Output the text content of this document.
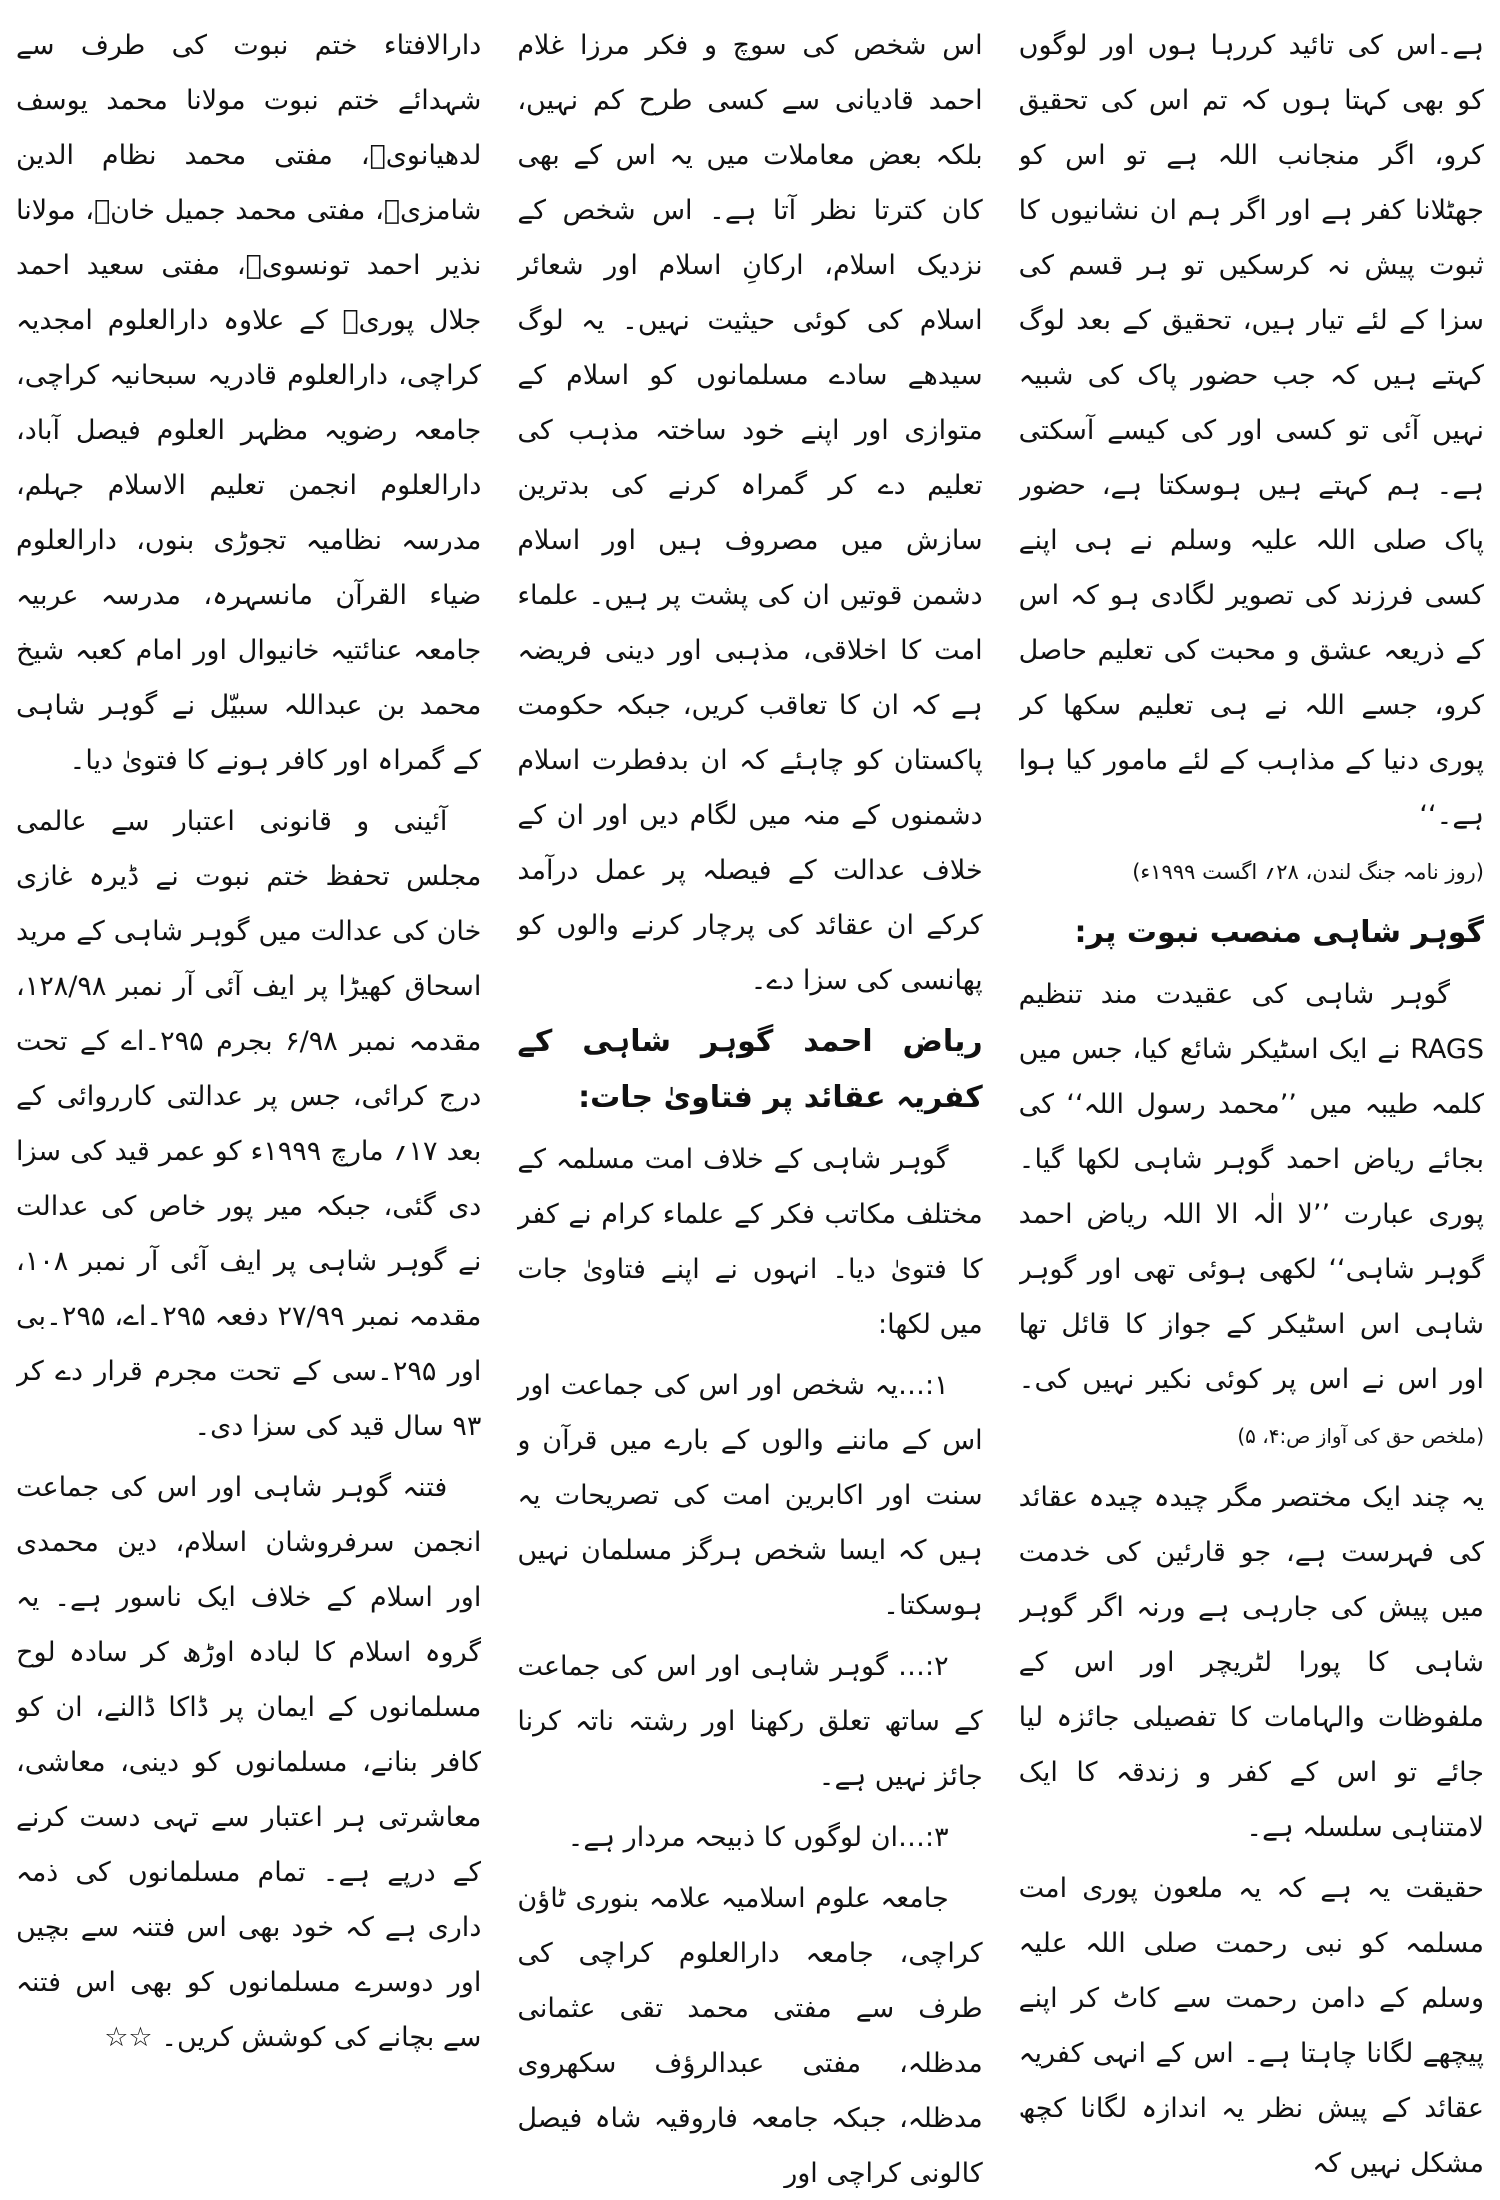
ہے۔اس کی تائید کررہا ہوں اور لوگوں کو بھی کہتا ہوں کہ تم اس کی تحقیق کرو، اگر منجانب اللہ ہے تو اس کو جھٹلانا کفر ہے اور اگر ہم ان نشانیوں کا ثبوت پیش نہ کرسکیں تو ہر قسم کی سزا کے لئے تیار ہیں، تحقیق کے بعد لوگ کہتے ہیں کہ جب حضور پاک کی شبیہ نہیں آئی تو کسی اور کی کیسے آسکتی ہے۔ ہم کہتے ہیں ہوسکتا ہے، حضور پاک صلی اللہ علیہ وسلم نے ہی اپنے کسی فرزند کی تصویر لگادی ہو کہ اس کے ذریعہ عشق و محبت کی تعلیم حاصل کرو، جسے اللہ نے ہی تعلیم سکھا کر پوری دنیا کے مذاہب کے لئے مامور کیا ہوا ہے۔‘‘

(روز نامہ جنگ لندن، ۲۸؍ اگست ۱۹۹۹ء)
گوہر شاہی منصب نبوت پر:

گوہر شاہی کی عقیدت مند تنظیم RAGS نے ایک اسٹیکر شائع کیا، جس میں کلمہ طیبہ میں ’’محمد رسول اللہ‘‘ کی بجائے ریاض احمد گوہر شاہی لکھا گیا۔ پوری عبارت ’’لا الٰہ الا اللہ ریاض احمد گوہر شاہی‘‘ لکھی ہوئی تھی اور گوہر شاہی اس اسٹیکر کے جواز کا قائل تھا اور اس نے اس پر کوئی نکیر نہیں کی۔ (ملخص حق کی آواز ص:۴، ۵)

یہ چند ایک مختصر مگر چیدہ چیدہ عقائد کی فہرست ہے، جو قارئین کی خدمت میں پیش کی جارہی ہے ورنہ اگر گوہر شاہی کا پورا لٹریچر اور اس کے ملفوظات والہامات کا تفصیلی جائزہ لیا جائے تو اس کے کفر و زندقہ کا ایک لامتناہی سلسلہ ہے۔

حقیقت یہ ہے کہ یہ ملعون پوری امت مسلمہ کو نبی رحمت صلی اللہ علیہ وسلم کے دامن رحمت سے کاٹ کر اپنے پیچھے لگانا چاہتا ہے۔ اس کے انہی کفریہ عقائد کے پیش نظر یہ اندازہ لگانا کچھ مشکل نہیں کہ

اس شخص کی سوچ و فکر مرزا غلام احمد قادیانی سے کسی طرح کم نہیں، بلکہ بعض معاملات میں یہ اس کے بھی کان کترتا نظر آتا ہے۔ اس شخص کے نزدیک اسلام، ارکانِ اسلام اور شعائر اسلام کی کوئی حیثیت نہیں۔ یہ لوگ سیدھے سادے مسلمانوں کو اسلام کے متوازی اور اپنے خود ساختہ مذہب کی تعلیم دے کر گمراہ کرنے کی بدترین سازش میں مصروف ہیں اور اسلام دشمن قوتیں ان کی پشت پر ہیں۔ علماء امت کا اخلاقی، مذہبی اور دینی فریضہ ہے کہ ان کا تعاقب کریں، جبکہ حکومت پاکستان کو چاہئے کہ ان بدفطرت اسلام دشمنوں کے منہ میں لگام دیں اور ان کے خلاف عدالت کے فیصلہ پر عمل درآمد کرکے ان عقائد کی پرچار کرنے والوں کو پھانسی کی سزا دے۔

ریاض احمد گوہر شاہی کے کفریہ عقائد پر فتاویٰ جات:

گوہر شاہی کے خلاف امت مسلمہ کے مختلف مکاتب فکر کے علماء کرام نے کفر کا فتویٰ دیا۔ انہوں نے اپنے فتاویٰ جات میں لکھا:

۱:…یہ شخص اور اس کی جماعت اور اس کے ماننے والوں کے بارے میں قرآن و سنت اور اکابرین امت کی تصریحات یہ ہیں کہ ایسا شخص ہرگز مسلمان نہیں ہوسکتا۔

۲:… گوہر شاہی اور اس کی جماعت کے ساتھ تعلق رکھنا اور رشتہ ناتہ کرنا جائز نہیں ہے۔

۳:…ان لوگوں کا ذبیحہ مردار ہے۔

جامعہ علوم اسلامیہ علامہ بنوری ٹاؤن کراچی، جامعہ دارالعلوم کراچی کی طرف سے مفتی محمد تقی عثمانی مدظلہ، مفتی عبدالرؤف سکھروی مدظلہ، جبکہ جامعہ فاروقیہ شاہ فیصل کالونی کراچی اور

دارالافتاء ختم نبوت کی طرف سے شہدائے ختم نبوت مولانا محمد یوسف لدھیانویؒ، مفتی محمد نظام الدین شامزیؒ، مفتی محمد جمیل خانؒ، مولانا نذیر احمد تونسویؒ، مفتی سعید احمد جلال پوریؒ کے علاوہ دارالعلوم امجدیہ کراچی، دارالعلوم قادریہ سبحانیہ کراچی، جامعہ رضویہ مظہر العلوم فیصل آباد، دارالعلوم انجمن تعلیم الاسلام جہلم، مدرسہ نظامیہ تجوڑی بنوں، دارالعلوم ضیاء القرآن مانسہرہ، مدرسہ عربیہ جامعہ عنائتیہ خانیوال اور امام کعبہ شیخ محمد بن عبداللہ سبیّل نے گوہر شاہی کے گمراہ اور کافر ہونے کا فتویٰ دیا۔

آئینی و قانونی اعتبار سے عالمی مجلس تحفظ ختم نبوت نے ڈیرہ غازی خان کی عدالت میں گوہر شاہی کے مرید اسحاق کھیڑا پر ایف آئی آر نمبر ۱۲۸/۹۸، مقدمہ نمبر ۶/۹۸ بجرم ۲۹۵۔اے کے تحت درج کرائی، جس پر عدالتی کارروائی کے بعد ۱۷؍ مارچ ۱۹۹۹ء کو عمر قید کی سزا دی گئی، جبکہ میر پور خاص کی عدالت نے گوہر شاہی پر ایف آئی آر نمبر ۱۰۸، مقدمہ نمبر ۲۷/۹۹ دفعہ ۲۹۵۔اے، ۲۹۵۔بی اور ۲۹۵۔سی کے تحت مجرم قرار دے کر ۹۳ سال قید کی سزا دی۔

فتنہ گوہر شاہی اور اس کی جماعت انجمن سرفروشان اسلام، دین محمدی اور اسلام کے خلاف ایک ناسور ہے۔ یہ گروہ اسلام کا لبادہ اوڑھ کر سادہ لوح مسلمانوں کے ایمان پر ڈاکا ڈالنے، ان کو کافر بنانے، مسلمانوں کو دینی، معاشی، معاشرتی ہر اعتبار سے تہی دست کرنے کے درپے ہے۔ تمام مسلمانوں کی ذمہ داری ہے کہ خود بھی اس فتنہ سے بچیں اور دوسرے مسلمانوں کو بھی اس فتنہ سے بچانے کی کوشش کریں۔ ☆☆
